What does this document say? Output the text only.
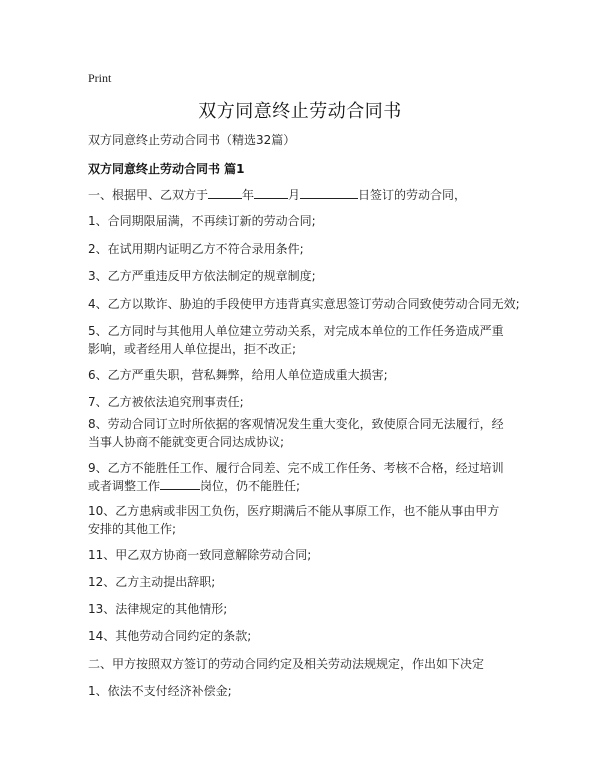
Print
双方同意终止劳动合同书
双方同意终止劳动合同书（精选32篇）
双方同意终止劳动合同书 篇1
一、根据甲、乙双方于	年	月	日签订的劳动合同，
1、合同期限届满，不再续订新的劳动合同;
2、在试用期内证明乙方不符合录用条件;
3、乙方严重违反甲方依法制定的规章制度;
4、乙方以欺诈、胁迫的手段使甲方违背真实意思签订劳动合同致使劳动合同无效;
5、乙方同时与其他用人单位建立劳动关系，对完成本单位的工作任务造成严重影响，或者经用人单位提出，拒不改正;
6、乙方严重失职，营私舞弊，给用人单位造成重大损害;
7、乙方被依法追究刑事责任;
8、劳动合同订立时所依据的客观情况发生重大变化，致使原合同无法履行，经当事人协商不能就变更合同达成协议;
9、乙方不能胜任工作、履行合同差、完不成工作任务、考核不合格，经过培训或者调整工作	岗位，仍不能胜任;
10、乙方患病或非因工负伤，医疗期满后不能从事原工作，也不能从事由甲方安排的其他工作;
11、甲乙双方协商一致同意解除劳动合同;
12、乙方主动提出辞职;
13、法律规定的其他情形;
14、其他劳动合同约定的条款;
二、甲方按照双方签订的劳动合同约定及相关劳动法规规定，作出如下决定
1、依法不支付经济补偿金;
